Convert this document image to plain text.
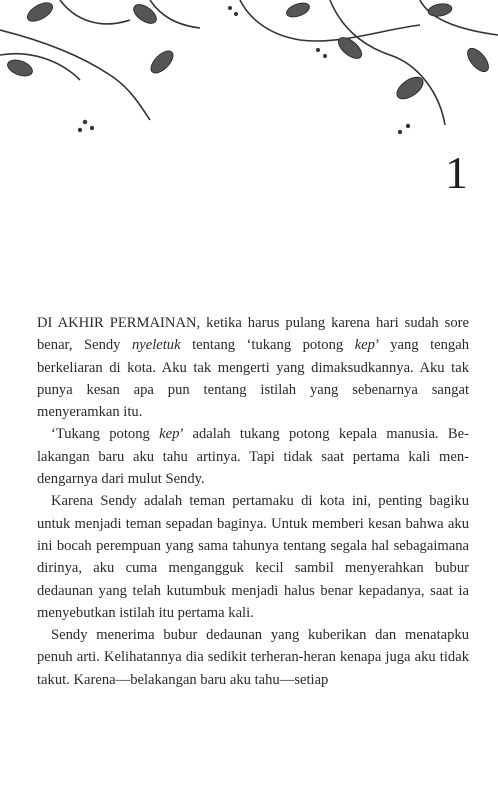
1

DI AKHIR PERMAINAN, ketika harus pulang karena hari sudah sore benar, Sendy nyeletuk tentang ‘tukang potong kep’ yang tengah berkeliaran di kota. Aku tak mengerti yang dimaksudkannya. Aku tak punya kesan apa pun tentang istilah yang sebenarnya sangat menyeramkan itu.

‘Tukang potong kep’ adalah tukang potong kepala manusia. Belakangan baru aku tahu artinya. Tapi tidak saat pertama kali mendengarnya dari mulut Sendy.

Karena Sendy adalah teman pertamaku di kota ini, penting bagiku untuk menjadi teman sepadan baginya. Untuk memberi kesan bahwa aku ini bocah perempuan yang sama tahunya tentang segala hal sebagaimana dirinya, aku cuma mengangguk kecil sambil menyerahkan bubur dedaunan yang telah kutumbuk menjadi halus benar kepadanya, saat ia menyebutkan istilah itu pertama kali.

Sendy menerima bubur dedaunan yang kuberikan dan menatapku penuh arti. Kelihatannya dia sedikit terheran-heran kenapa juga aku tidak takut. Karena—belakangan baru aku tahu—setiap
